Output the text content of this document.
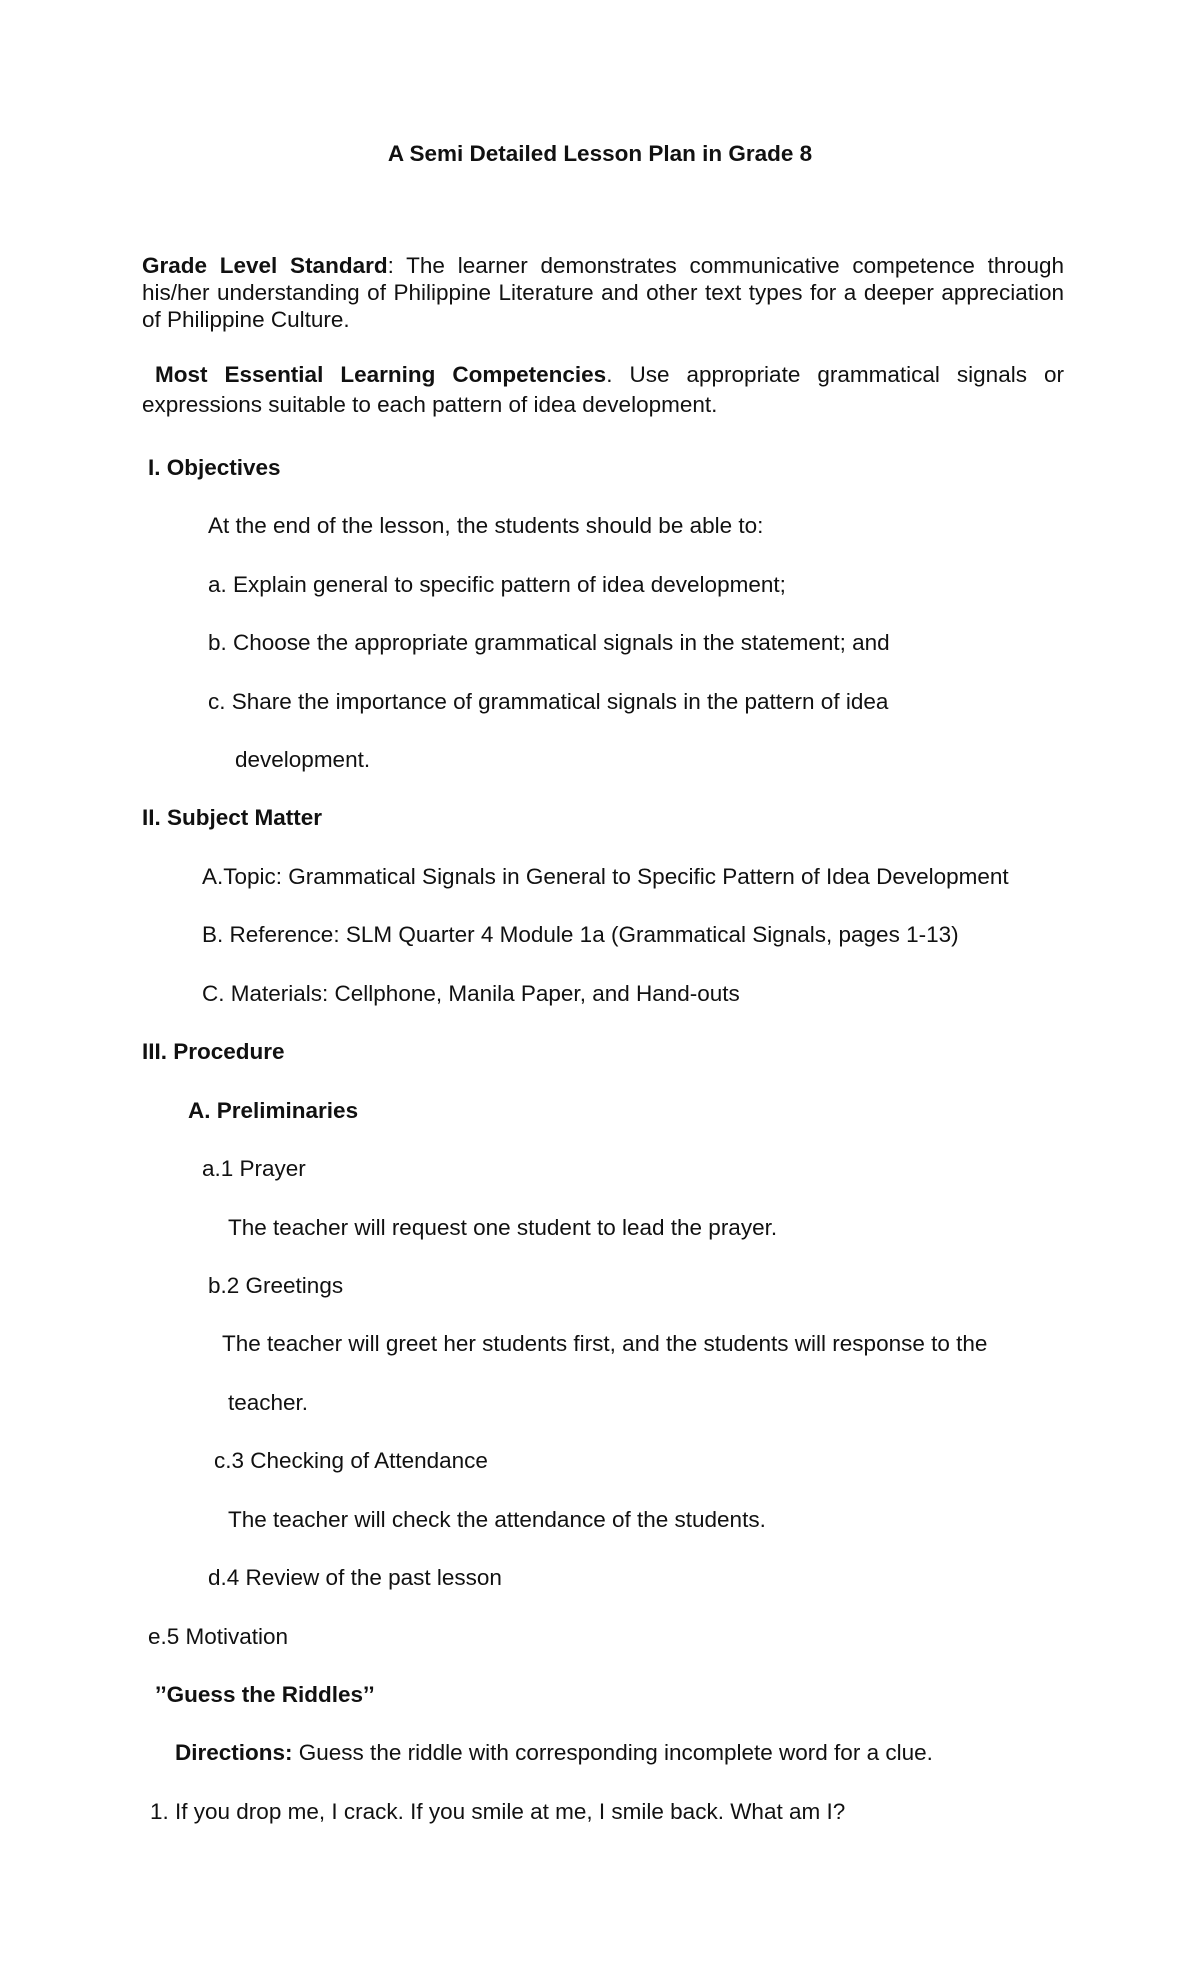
A Semi Detailed Lesson Plan in Grade 8
Grade Level Standard: The learner demonstrates communicative competence through his/her understanding of Philippine Literature and other text types for a deeper appreciation of Philippine Culture.
Most Essential Learning Competencies. Use appropriate grammatical signals or expressions suitable to each pattern of idea development.
I. Objectives
At the end of the lesson, the students should be able to:
a. Explain general to specific pattern of idea development;
b. Choose the appropriate grammatical signals in the statement; and
c. Share the importance of grammatical signals in the pattern of idea
development.
II. Subject Matter
A.Topic: Grammatical Signals in General to Specific Pattern of Idea Development
B. Reference: SLM Quarter 4 Module 1a (Grammatical Signals, pages 1-13)
C. Materials: Cellphone, Manila Paper, and Hand-outs
III. Procedure
A. Preliminaries
a.1 Prayer
The teacher will request one student to lead the prayer.
b.2 Greetings
The teacher will greet her students first, and the students will response to the
teacher.
c.3 Checking of Attendance
The teacher will check the attendance of the students.
d.4 Review of the past lesson
e.5 Motivation
’’Guess the Riddles’’
Directions: Guess the riddle with corresponding incomplete word for a clue.
1. If you drop me, I crack. If you smile at me, I smile back. What am I?
